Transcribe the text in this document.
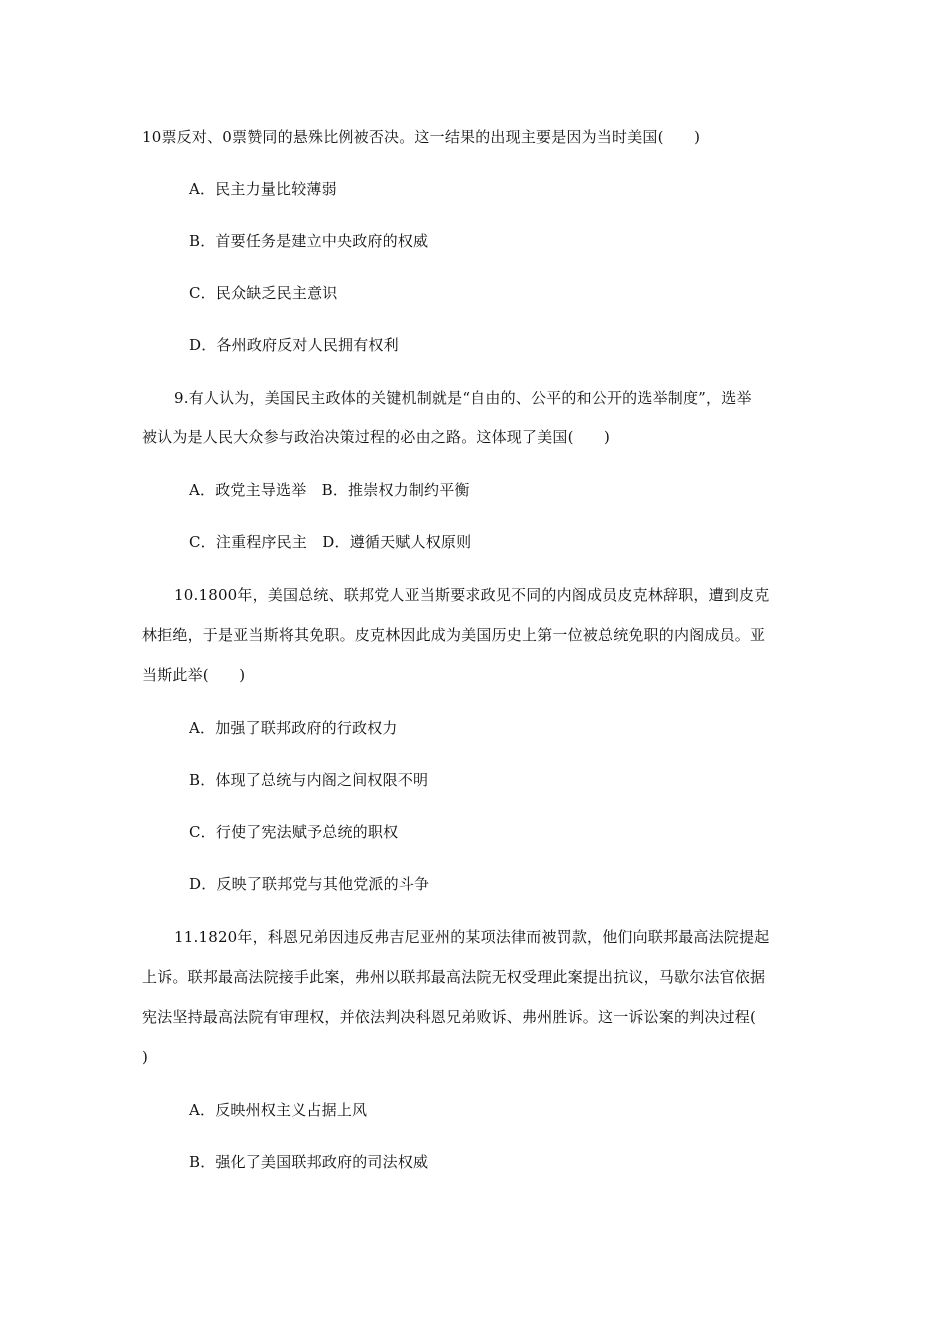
10票反对、0票赞同的悬殊比例被否决。这一结果的出现主要是因为当时美国(　　)
A．民主力量比较薄弱
B．首要任务是建立中央政府的权威
C．民众缺乏民主意识
D．各州政府反对人民拥有权利
9.有人认为，美国民主政体的关键机制就是“自由的、公平的和公开的选举制度”，选举
被认为是人民大众参与政治决策过程的必由之路。这体现了美国(　　)
A．政党主导选举　B．推崇权力制约平衡
C．注重程序民主　D．遵循天赋人权原则
10.1800年，美国总统、联邦党人亚当斯要求政见不同的内阁成员皮克林辞职，遭到皮克
林拒绝，于是亚当斯将其免职。皮克林因此成为美国历史上第一位被总统免职的内阁成员。亚
当斯此举(　　)
A．加强了联邦政府的行政权力
B．体现了总统与内阁之间权限不明
C．行使了宪法赋予总统的职权
D．反映了联邦党与其他党派的斗争
11.1820年，科恩兄弟因违反弗吉尼亚州的某项法律而被罚款，他们向联邦最高法院提起
上诉。联邦最高法院接手此案，弗州以联邦最高法院无权受理此案提出抗议，马歇尔法官依据
宪法坚持最高法院有审理权，并依法判决科恩兄弟败诉、弗州胜诉。这一诉讼案的判决过程(
)
A．反映州权主义占据上风
B．强化了美国联邦政府的司法权威
